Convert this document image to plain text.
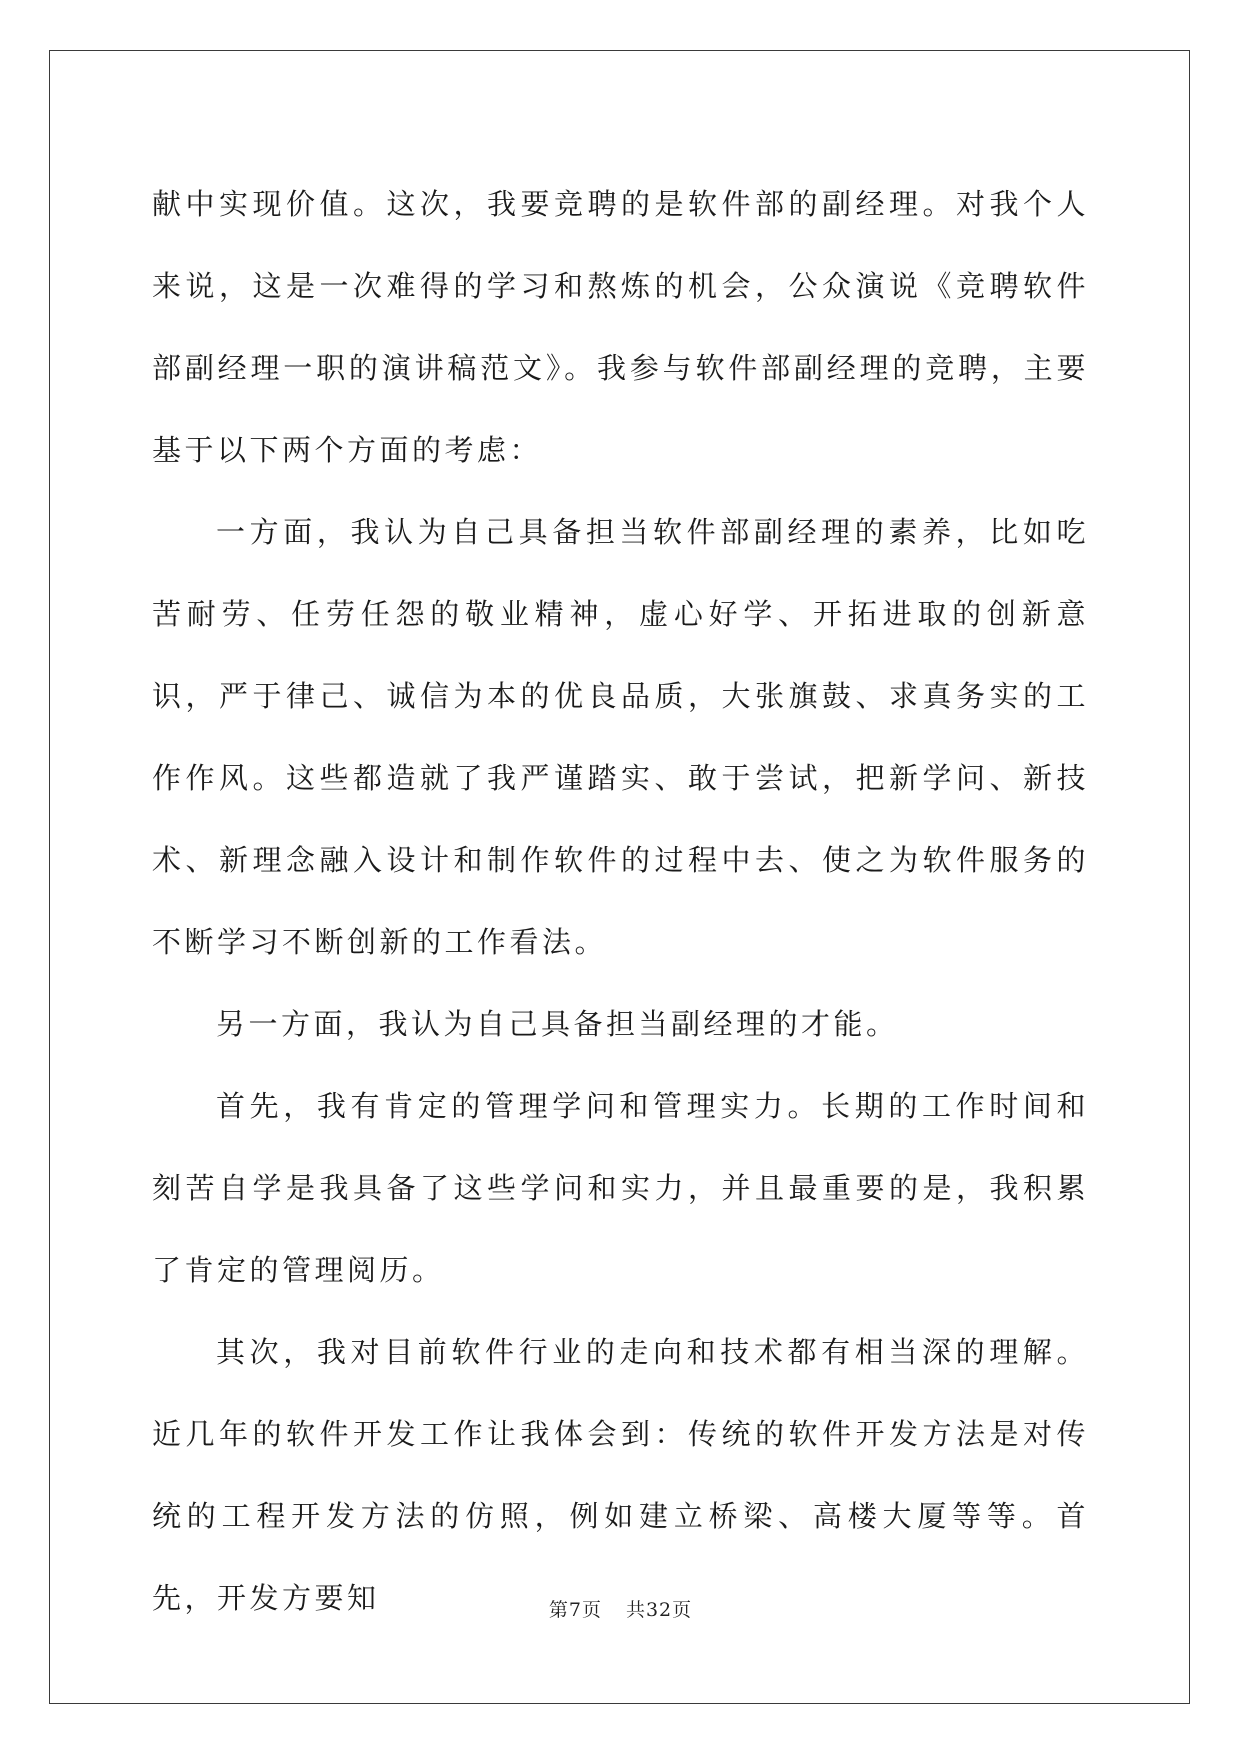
献中实现价值。这次，我要竞聘的是软件部的副经理。对我个人来说，这是一次难得的学习和熬炼的机会，公众演说《竞聘软件部副经理一职的演讲稿范文》。我参与软件部副经理的竞聘，主要基于以下两个方面的考虑：

一方面，我认为自己具备担当软件部副经理的素养，比如吃苦耐劳、任劳任怨的敬业精神，虚心好学、开拓进取的创新意识，严于律己、诚信为本的优良品质，大张旗鼓、求真务实的工作作风。这些都造就了我严谨踏实、敢于尝试，把新学问、新技术、新理念融入设计和制作软件的过程中去、使之为软件服务的不断学习不断创新的工作看法。

另一方面，我认为自己具备担当副经理的才能。

首先，我有肯定的管理学问和管理实力。长期的工作时间和刻苦自学是我具备了这些学问和实力，并且最重要的是，我积累了肯定的管理阅历。

其次，我对目前软件行业的走向和技术都有相当深的理解。近几年的软件开发工作让我体会到：传统的软件开发方法是对传统的工程开发方法的仿照，例如建立桥梁、高楼大厦等等。首先，开发方要知	第7页 共32页
